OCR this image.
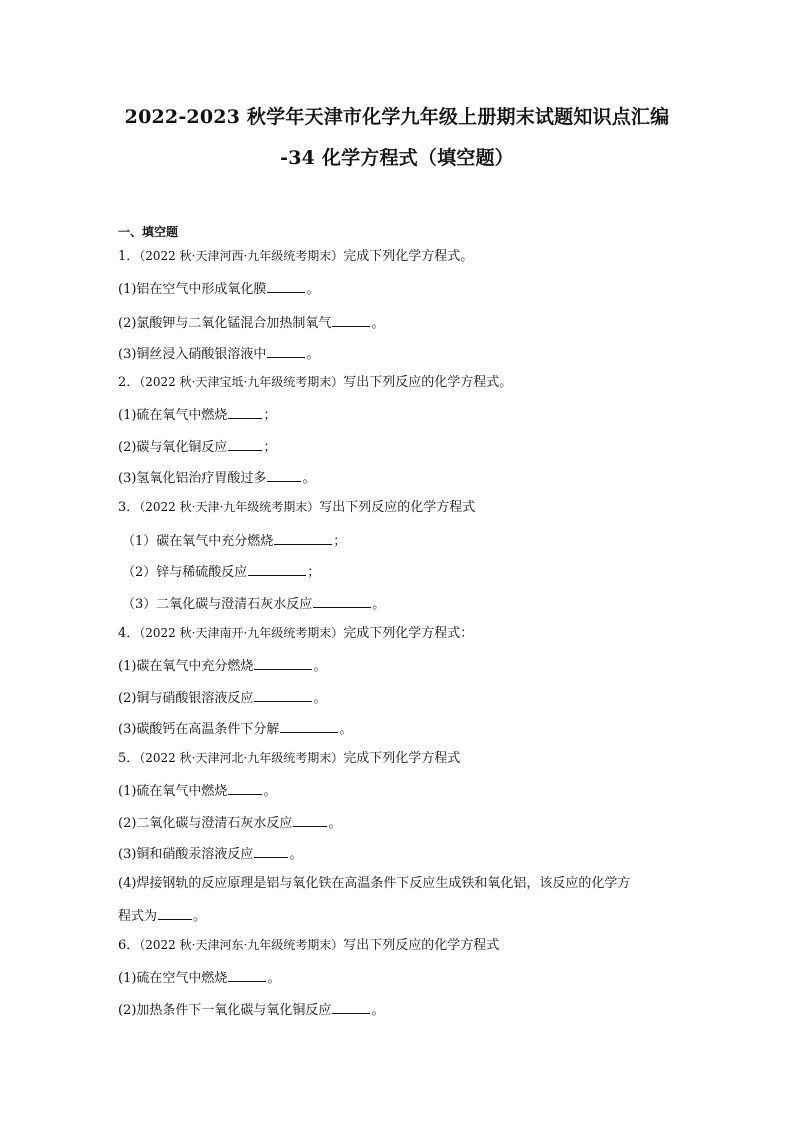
2022-2023 秋学年天津市化学九年级上册期末试题知识点汇编
-34 化学方程式（填空题）
一、填空题
1．（2022 秋·天津河西·九年级统考期末）完成下列化学方程式。
(1)铝在空气中形成氧化膜	。
(2)氯酸钾与二氧化锰混合加热制氧气	。
(3)铜丝浸入硝酸银溶液中	。
2．（2022 秋·天津宝坻·九年级统考期末）写出下列反应的化学方程式。
(1)硫在氧气中燃烧	；
(2)碳与氧化铜反应	；
(3)氢氧化铝治疗胃酸过多	。
3．（2022 秋·天津·九年级统考期末）写出下列反应的化学方程式
（1）碳在氧气中充分燃烧	；
（2）锌与稀硫酸反应	；
（3）二氧化碳与澄清石灰水反应	。
4．（2022 秋·天津南开·九年级统考期末）完成下列化学方程式：
(1)碳在氧气中充分燃烧	。
(2)铜与硝酸银溶液反应	。
(3)碳酸钙在高温条件下分解	。
5．（2022 秋·天津河北·九年级统考期末）完成下列化学方程式
(1)硫在氧气中燃烧	。
(2)二氧化碳与澄清石灰水反应	。
(3)铜和硝酸汞溶液反应	。
(4)焊接钢轨的反应原理是铝与氧化铁在高温条件下反应生成铁和氧化铝，该反应的化学方
程式为	。
6．（2022 秋·天津河东·九年级统考期末）写出下列反应的化学方程式
(1)硫在空气中燃烧	。
(2)加热条件下一氧化碳与氧化铜反应	。
